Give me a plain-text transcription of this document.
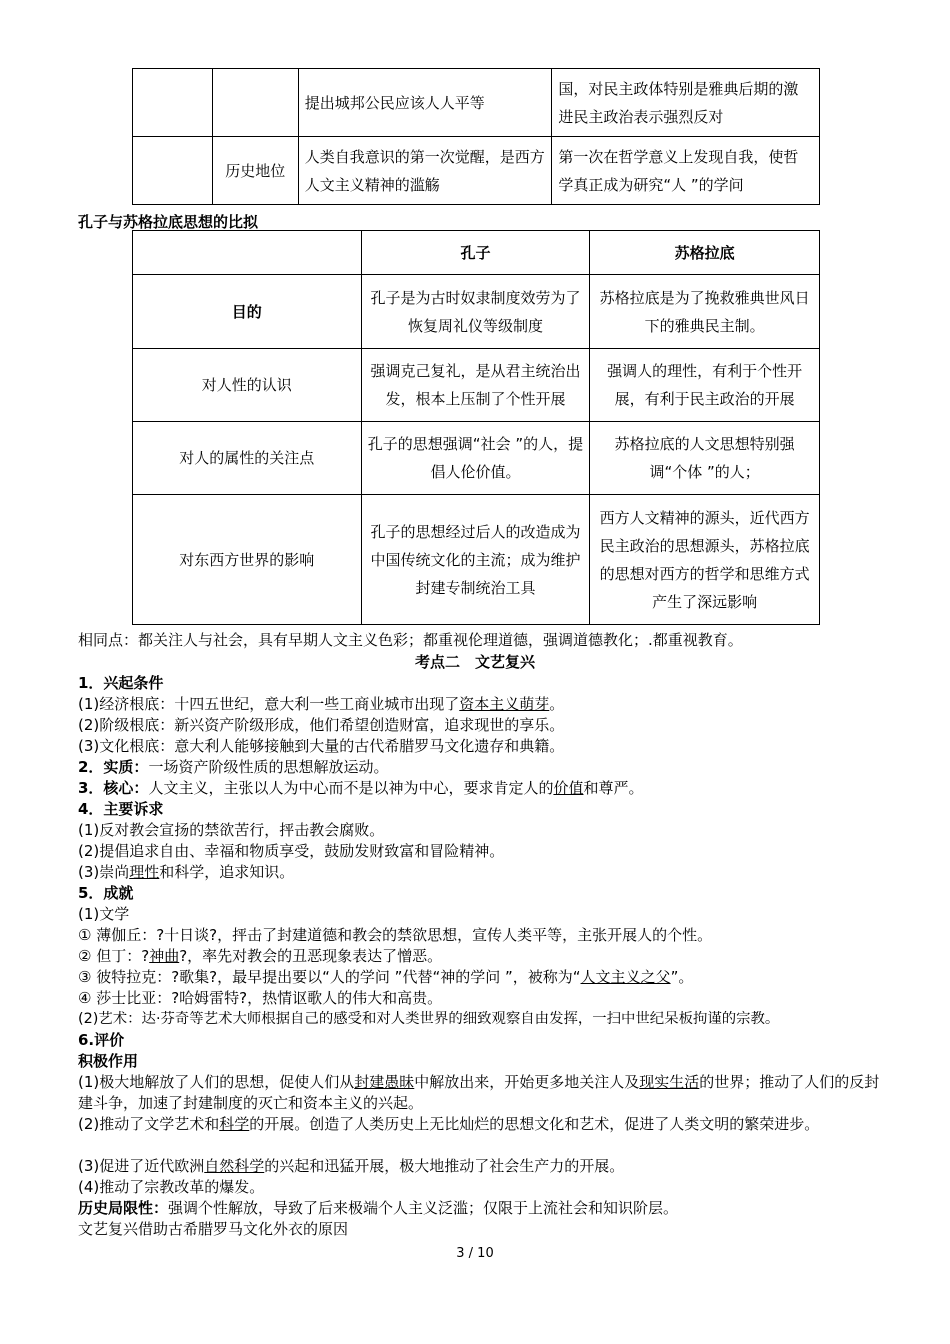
		提出城邦公民应该人人平等	国，对民主政体特别是雅典后期的激进民主政治表示强烈反对
	历史地位	人类自我意识的第一次觉醒，是西方人文主义精神的滥觞	第一次在哲学意义上发现自我，使哲学真正成为研究“人 ”的学问
孔子与苏格拉底思想的比拟
	孔子	苏格拉底
目的	孔子是为古时奴隶制度效劳为了恢复周礼仪等级制度	苏格拉底是为了挽救雅典世风日下的雅典民主制。
对人性的认识	强调克己复礼，是从君主统治出发，根本上压制了个性开展	强调人的理性，有利于个性开展，有利于民主政治的开展
对人的属性的关注点	孔子的思想强调“社会 ”的人，提倡人伦价值。	苏格拉底的人文思想特别强调“个体 ”的人；
对东西方世界的影响	孔子的思想经过后人的改造成为中国传统文化的主流；成为维护封建专制统治工具	西方人文精神的源头，近代西方民主政治的思想源头，苏格拉底的思想对西方的哲学和思维方式产生了深远影响
相同点：都关注人与社会，具有早期人文主义色彩；都重视伦理道德，强调道德教化；.都重视教育。
考点二　文艺复兴
1．兴起条件
(1)经济根底：十四五世纪，意大利一些工商业城市出现了资本主义萌芽。
(2)阶级根底：新兴资产阶级形成，他们希望创造财富，追求现世的享乐。
(3)文化根底：意大利人能够接触到大量的古代希腊罗马文化遗存和典籍。
2．实质：一场资产阶级性质的思想解放运动。
3．核心：人文主义，主张以人为中心而不是以神为中心，要求肯定人的价值和尊严。
4．主要诉求
(1)反对教会宣扬的禁欲苦行，抨击教会腐败。
(2)提倡追求自由、幸福和物质享受，鼓励发财致富和冒险精神。
(3)崇尚理性和科学，追求知识。
5．成就
(1)文学
① 薄伽丘：?十日谈?，抨击了封建道德和教会的禁欲思想，宣传人类平等，主张开展人的个性。
② 但丁：?神曲?，率先对教会的丑恶现象表达了憎恶。
③ 彼特拉克：?歌集?，最早提出要以“人的学问 ”代替“神的学问 ”，被称为“人文主义之父”。
④ 莎士比亚：?哈姆雷特?，热情讴歌人的伟大和高贵。
(2)艺术：达·芬奇等艺术大师根据自己的感受和对人类世界的细致观察自由发挥，一扫中世纪呆板拘谨的宗教。
6.评价
积极作用
(1)极大地解放了人们的思想，促使人们从封建愚昧中解放出来，开始更多地关注人及现实生活的世界；推动了人们的反封建斗争，加速了封建制度的灭亡和资本主义的兴起。
(2)推动了文学艺术和科学的开展。创造了人类历史上无比灿烂的思想文化和艺术，促进了人类文明的繁荣进步。
(3)促进了近代欧洲自然科学的兴起和迅猛开展，极大地推动了社会生产力的开展。
(4)推动了宗教改革的爆发。
历史局限性：强调个性解放，导致了后来极端个人主义泛滥；仅限于上流社会和知识阶层。
文艺复兴借助古希腊罗马文化外衣的原因
3 / 10
